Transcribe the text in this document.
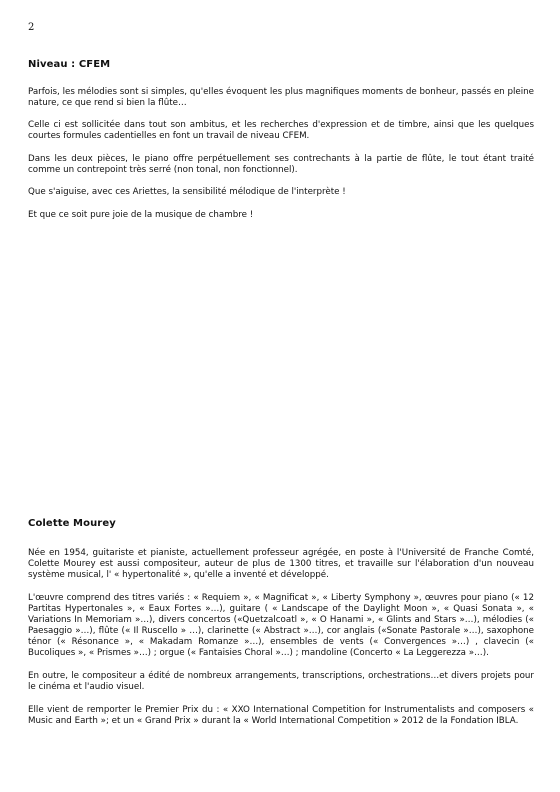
2
Niveau : CFEM

Parfois, les mélodies sont si simples, qu'elles évoquent les plus magnifiques moments de bonheur, passés en pleine nature, ce que rend si bien la flûte…

Celle ci est sollicitée dans tout son ambitus, et les recherches d'expression et de timbre, ainsi que les quelques courtes formules cadentielles en font un travail de niveau CFEM.

Dans les deux pièces, le piano offre perpétuellement ses contrechants à la partie de flûte, le tout étant traité comme un contrepoint très serré (non tonal, non fonctionnel).

Que s'aiguise, avec ces Ariettes, la sensibilité mélodique de l'interprète !

Et que ce soit pure joie de la musique de chambre !

Colette Mourey

Née en 1954, guitariste et pianiste, actuellement professeur agrégée, en poste à l'Université de Franche Comté, Colette Mourey est aussi compositeur, auteur de plus de 1300 titres, et travaille sur l'élaboration d'un nouveau système musical, l' « hypertonalité », qu'elle a inventé et développé.

L'œuvre comprend des titres variés : « Requiem », « Magnificat », « Liberty Symphony », œuvres pour piano (« 12 Partitas Hypertonales », « Eaux Fortes »…), guitare ( « Landscape of the Daylight Moon », « Quasi Sonata », « Variations In Memoriam »…), divers concertos («Quetzalcoatl », « O Hanami », « Glints and Stars »…), mélodies (« Paesaggio »…), flûte (« Il Ruscello » …), clarinette (« Abstract »…), cor anglais («Sonate Pastorale »…), saxophone ténor (« Résonance », « Makadam Romanze »…), ensembles de vents (« Convergences »…) , clavecin (« Bucoliques », « Prismes »…) ; orgue (« Fantaisies Choral »…) ; mandoline (Concerto « La Leggerezza »…).

En outre, le compositeur a édité de nombreux arrangements, transcriptions, orchestrations…et divers projets pour le cinéma et l'audio visuel.

Elle vient de remporter le Premier Prix du : « XXO International Competition for Instrumentalists and composers « Music and Earth »; et un « Grand Prix » durant la « World International Competition » 2012 de la Fondation IBLA.
